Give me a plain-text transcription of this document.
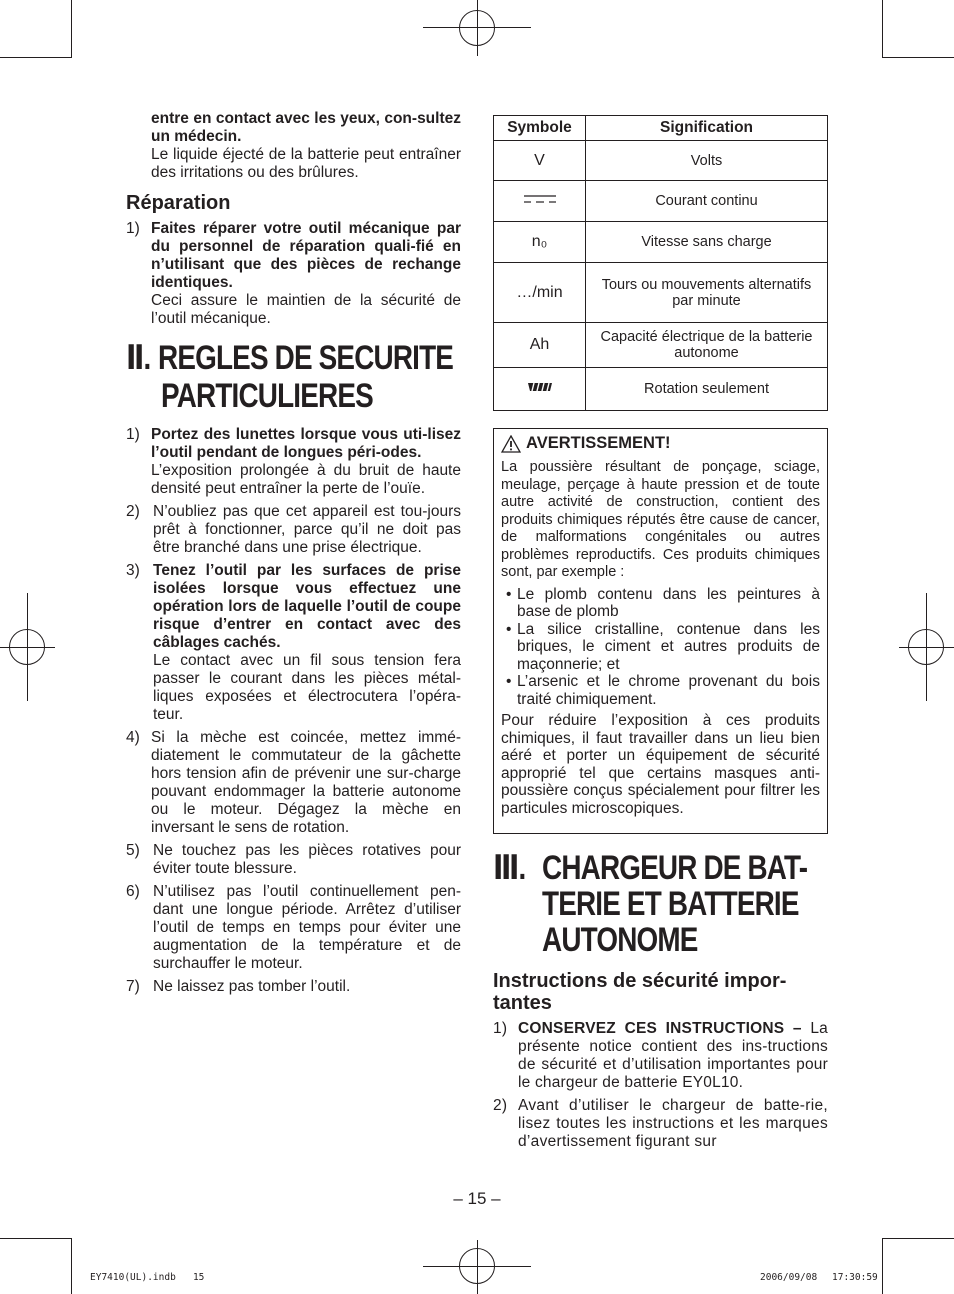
entre en contact avec les yeux, con-sultez un médecin.
Le liquide éjecté de la batterie peut entraîner des irritations ou des brûlures.
Réparation
1) Faites réparer votre outil mécanique par du personnel de réparation quali-fié en n’utilisant que des pièces de rechange identiques.
Ceci assure le maintien de la sécurité de l’outil mécanique.
Ⅱ. REGLES DE SECURITE
PARTICULIERES
1) Portez des lunettes lorsque vous uti-lisez l’outil pendant de longues péri-odes.
L’exposition prolongée à du bruit de haute densité peut entraîner la perte de l’ouïe.
2) N’oubliez pas que cet appareil est tou-jours prêt à fonctionner, parce qu’il ne doit pas être branché dans une prise électrique.
3) Tenez l’outil par les surfaces de prise isolées lorsque vous effectuez une opération lors de laquelle l’outil de coupe risque d’entrer en contact avec des câblages cachés.
Le contact avec un fil sous tension fera passer le courant dans les pièces métal-liques exposées et électrocutera l’opéra-teur.
4) Si la mèche est coincée, mettez immé-diatement le commutateur de la gâchette hors tension afin de prévenir une sur-charge pouvant endommager la batterie autonome ou le moteur. Dégagez la mèche en inversant le sens de rotation.
5) Ne touchez pas les pièces rotatives pour éviter toute blessure.
6) N’utilisez pas l’outil continuellement pen-dant une longue période. Arrêtez d’utiliser l’outil de temps en temps pour éviter une augmentation de la température et de surchauffer le moteur.
7) Ne laissez pas tomber l’outil.
Symbole	Signification
V	Volts
	Courant continu
n₀	Vitesse sans charge
…/min	Tours ou mouvements alternatifs par minute
Ah	Capacité électrique de la batterie autonome
	Rotation seulement
AVERTISSEMENT!
La poussière résultant de ponçage, sciage, meulage, perçage à haute pression et de toute autre activité de construction, contient des produits chimiques réputés être cause de cancer, de malformations congénitales ou autres problèmes reproductifs. Ces produits chimiques sont, par exemple :
• Le plomb contenu dans les peintures à base de plomb
• La silice cristalline, contenue dans les briques, le ciment et autres produits de maçonnerie; et
• L’arsenic et le chrome provenant du bois traité chimiquement.
Pour réduire l’exposition à ces produits chimiques, il faut travailler dans un lieu bien aéré et porter un équipement de sécurité approprié tel que certains masques anti-poussière conçus spécialement pour filtrer les particules microscopiques.
Ⅲ. CHARGEUR DE BAT-
TERIE ET BATTERIE
AUTONOME
Instructions de sécurité impor-tantes
1) CONSERVEZ CES INSTRUCTIONS – La présente notice contient des ins-tructions de sécurité et d’utilisation importantes pour le chargeur de batterie EY0L10.
2) Avant d’utiliser le chargeur de batte-rie, lisez toutes les instructions et les marques d’avertissement figurant sur
– 15 –
EY7410(UL).indb   15	2006/09/08 17:30:59
